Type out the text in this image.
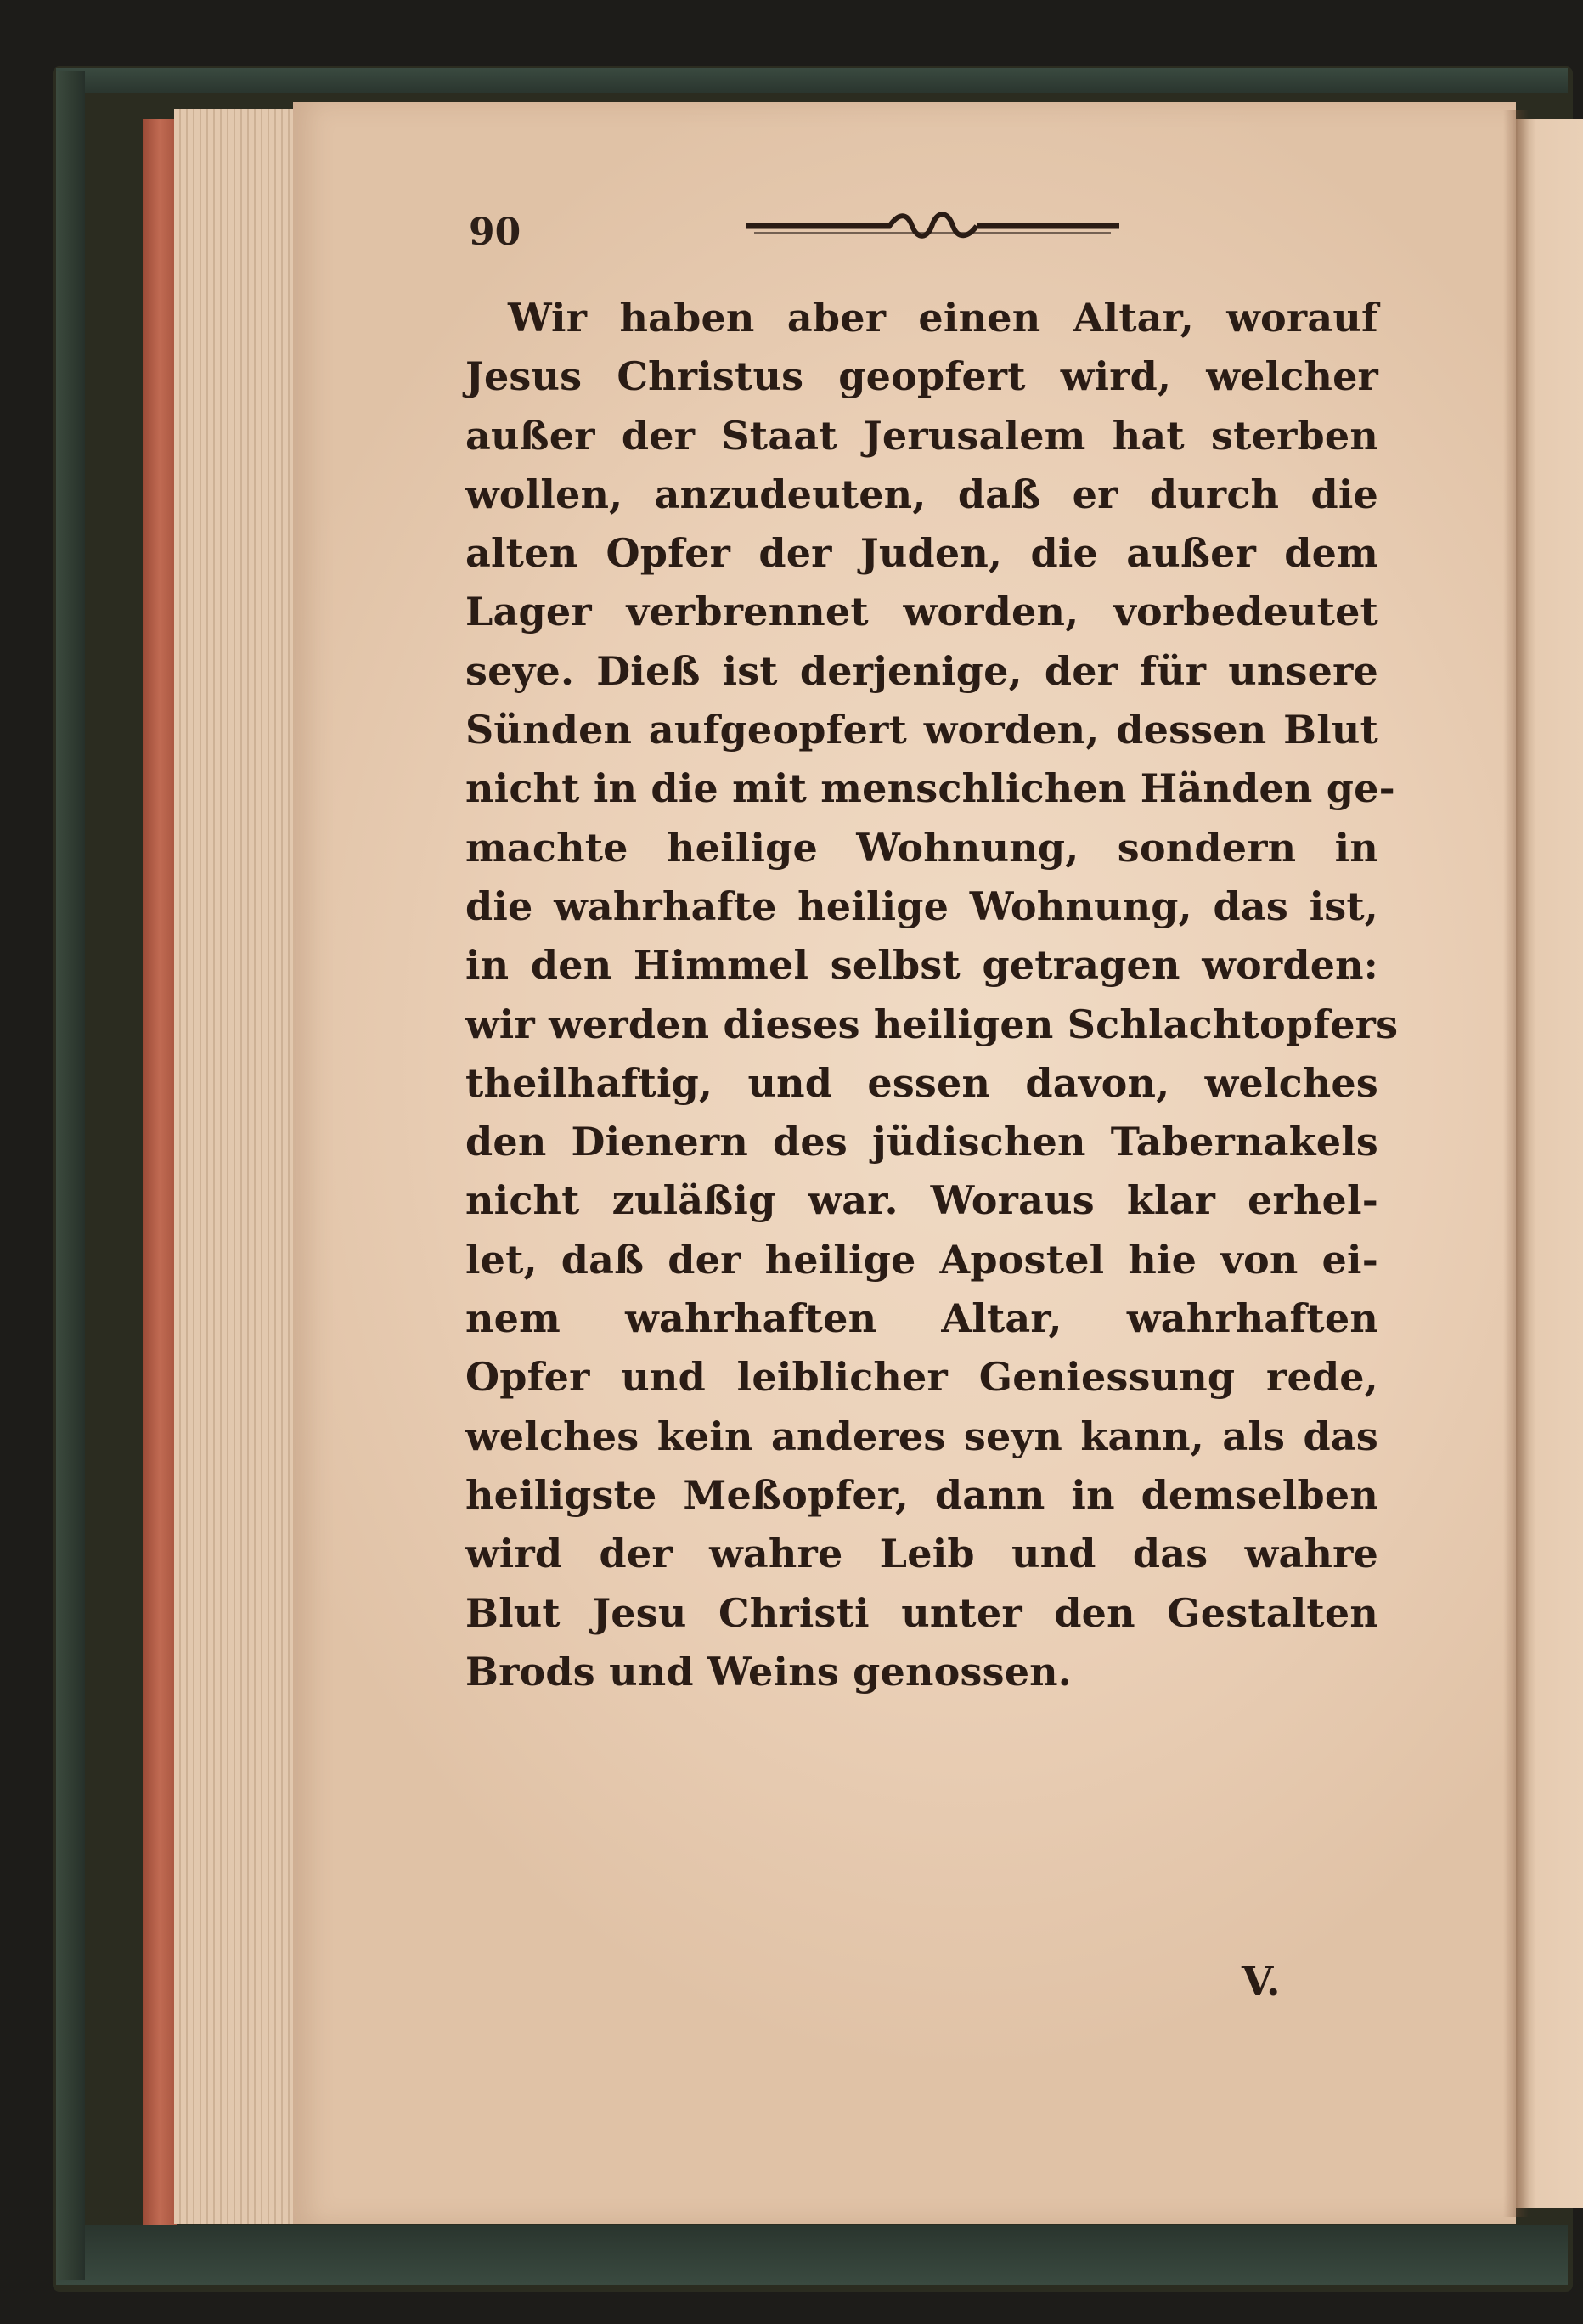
90
Wir haben aber einen Altar, worauf
Jesus Christus geopfert wird, welcher
außer der Staat Jerusalem hat sterben
wollen, anzudeuten, daß er durch die
alten Opfer der Juden, die außer dem
Lager verbrennet worden, vorbedeutet
seye. Dieß ist derjenige, der für unsere
Sünden aufgeopfert worden, dessen Blut
nicht in die mit menschlichen Händen ge-
machte heilige Wohnung, sondern in
die wahrhafte heilige Wohnung, das ist,
in den Himmel selbst getragen worden:
wir werden dieses heiligen Schlachtopfers
theilhaftig, und essen davon, welches
den Dienern des jüdischen Tabernakels
nicht zuläßig war. Woraus klar erhel-
let, daß der heilige Apostel hie von ei-
nem wahrhaften Altar, wahrhaften
Opfer und leiblicher Geniessung rede,
welches kein anderes seyn kann, als das
heiligste Meßopfer, dann in demselben
wird der wahre Leib und das wahre
Blut Jesu Christi unter den Gestalten
Brods und Weins genossen.
V.
